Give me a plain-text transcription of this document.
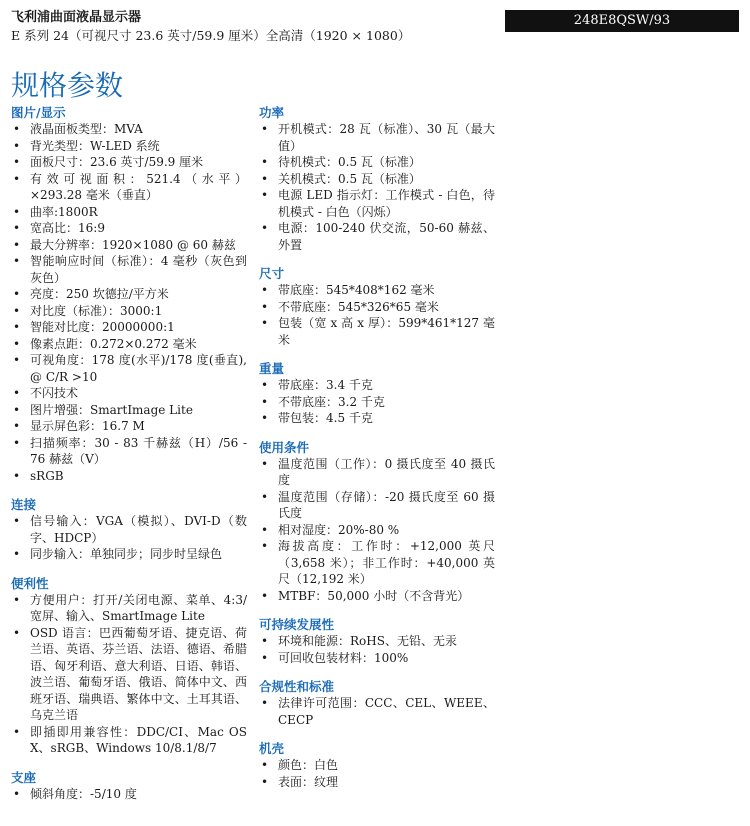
飞利浦曲面液晶显示器
E 系列 24（可视尺寸 23.6 英寸/59.9 厘米）全高清（1920 × 1080）
248E8QSW/93
规格参数
图片/显示
• 液晶面板类型：MVA
• 背光类型：W-LED 系统
• 面板尺寸：23.6 英寸/59.9 厘米
• 有效可视面积：521.4（水平）×293.28 毫米（垂直）
• 曲率:1800R
• 宽高比：16:9
• 最大分辨率：1920×1080 @ 60 赫兹
• 智能响应时间（标准）：4 毫秒（灰色到灰色）
• 亮度：250 坎德拉/平方米
• 对比度（标准）：3000:1
• 智能对比度：20000000:1
• 像素点距：0.272×0.272 毫米
• 可视角度：178 度(水平)/178 度(垂直), @ C/R >10
• 不闪技术
• 图片增强：SmartImage Lite
• 显示屏色彩：16.7 M
• 扫描频率：30 - 83 千赫兹（H）/56 - 76 赫兹（V）
• sRGB
连接
• 信号输入：VGA（模拟）、DVI-D（数字、HDCP）
• 同步输入：单独同步；同步时呈绿色
便利性
• 方便用户：打开/关闭电源、菜单、4:3/宽屏、输入、SmartImage Lite
• OSD 语言：巴西葡萄牙语、捷克语、荷兰语、英语、芬兰语、法语、德语、希腊语、匈牙利语、意大利语、日语、韩语、波兰语、葡萄牙语、俄语、简体中文、西班牙语、瑞典语、繁体中文、土耳其语、乌克兰语
• 即插即用兼容性：DDC/CI、Mac OS X、sRGB、Windows 10/8.1/8/7
支座
• 倾斜角度：-5/10 度
功率
• 开机模式：28 瓦（标准）、30 瓦（最大值）
• 待机模式：0.5 瓦（标准）
• 关机模式：0.5 瓦（标准）
• 电源 LED 指示灯：工作模式 - 白色，待机模式 - 白色（闪烁）
• 电源：100-240 伏交流，50-60 赫兹、外置
尺寸
• 带底座：545*408*162 毫米
• 不带底座：545*326*65 毫米
• 包装（宽 x 高 x 厚）：599*461*127 毫米
重量
• 带底座：3.4 千克
• 不带底座：3.2 千克
• 带包装：4.5 千克
使用条件
• 温度范围（工作）：0 摄氏度至 40 摄氏度
• 温度范围（存储）：-20 摄氏度至 60 摄氏度
• 相对湿度：20%-80 %
• 海拔高度：工作时：+12,000 英尺（3,658 米）；非工作时：+40,000 英尺（12,192 米）
• MTBF：50,000 小时（不含背光）
可持续发展性
• 环境和能源：RoHS、无铅、无汞
• 可回收包装材料：100%
合规性和标准
• 法律许可范围：CCC、CEL、WEEE、CECP
机壳
• 颜色：白色
• 表面：纹理
